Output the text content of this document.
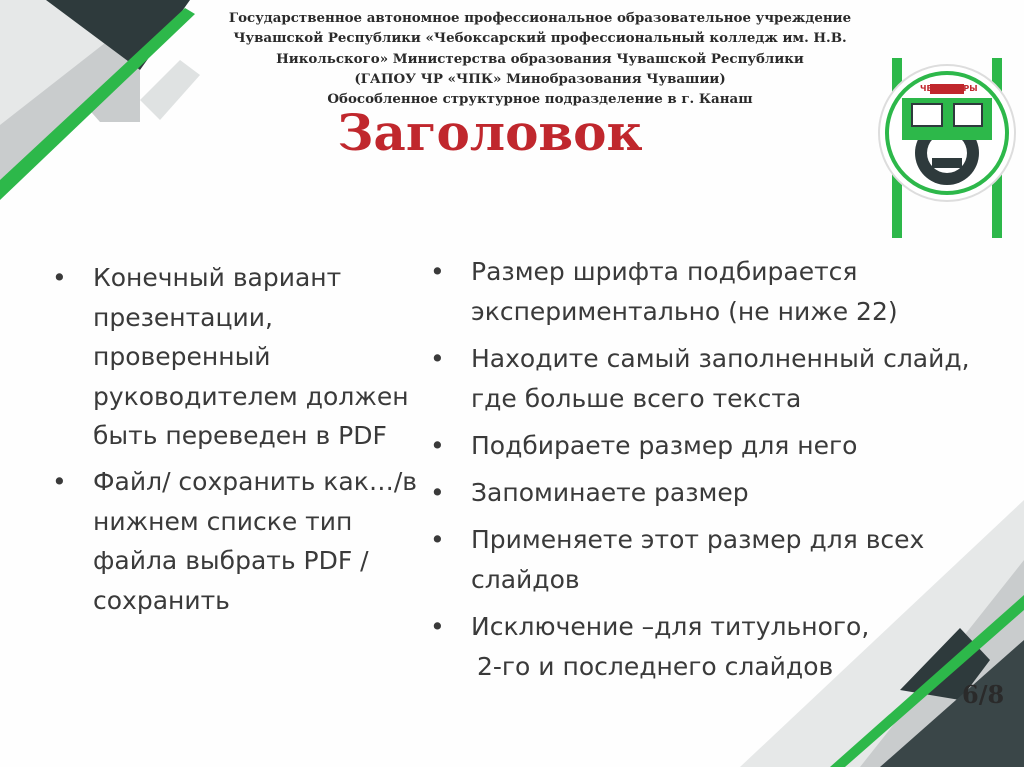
Государственное автономное профессиональное образовательное учреждение
Чувашской Республики «Чебоксарский профессиональный колледж им. Н.В.
Никольского» Министерства образования Чувашской Республики
(ГАПОУ ЧР «ЧПК» Минобразования Чувашии)
Обособленное структурное подразделение в г. Канаш
ЧЕБОКСАРЫ
Заголовок
• Конечный вариант презентации, проверенный руководителем должен быть переведен в PDF
• Файл/ сохранить как…/в нижнем списке тип файла выбрать PDF /сохранить
• Размер шрифта подбирается экспериментально (не ниже 22)
• Находите самый заполненный слайд, где больше всего текста
• Подбираете размер для него
• Запоминаете размер
• Применяете этот размер для всех слайдов
• Исключение –для титульного,
2-го и последнего слайдов
6/8
